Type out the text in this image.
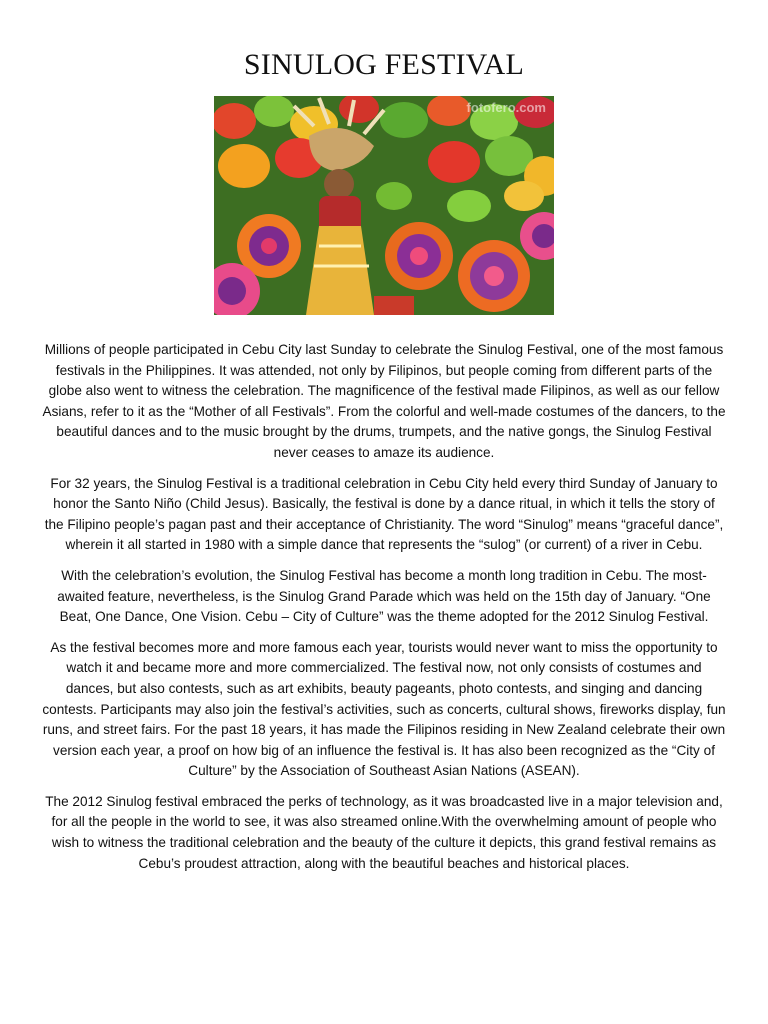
SINULOG FESTIVAL
fotofero.com

Millions of people participated in Cebu City last Sunday to celebrate the Sinulog Festival, one of the most famous festivals in the Philippines. It was attended, not only by Filipinos, but people coming from different parts of the globe also went to witness the celebration. The magnificence of the festival made Filipinos, as well as our fellow Asians, refer to it as the “Mother of all Festivals”. From the colorful and well-made costumes of the dancers, to the beautiful dances and to the music brought by the drums, trumpets, and the native gongs, the Sinulog Festival never ceases to amaze its audience.

For 32 years, the Sinulog Festival is a traditional celebration in Cebu City held every third Sunday of January to honor the Santo Niño (Child Jesus). Basically, the festival is done by a dance ritual, in which it tells the story of the Filipino people’s pagan past and their acceptance of Christianity. The word “Sinulog” means “graceful dance”, wherein it all started in 1980 with a simple dance that represents the “sulog” (or current) of a river in Cebu.

With the celebration’s evolution, the Sinulog Festival has become a month long tradition in Cebu. The most-awaited feature, nevertheless, is the Sinulog Grand Parade which was held on the 15th day of January. “One Beat, One Dance, One Vision. Cebu – City of Culture” was the theme adopted for the 2012 Sinulog Festival.

As the festival becomes more and more famous each year, tourists would never want to miss the opportunity to watch it and became more and more commercialized. The festival now, not only consists of costumes and dances, but also contests, such as art exhibits, beauty pageants, photo contests, and singing and dancing contests. Participants may also join the festival’s activities, such as concerts, cultural shows, fireworks display, fun runs, and street fairs. For the past 18 years, it has made the Filipinos residing in New Zealand celebrate their own version each year, a proof on how big of an influence the festival is. It has also been recognized as the “City of Culture” by the Association of Southeast Asian Nations (ASEAN).

The 2012 Sinulog festival embraced the perks of technology, as it was broadcasted live in a major television and, for all the people in the world to see, it was also streamed online.With the overwhelming amount of people who wish to witness the traditional celebration and the beauty of the culture it depicts, this grand festival remains as Cebu’s proudest attraction, along with the beautiful beaches and historical places.
